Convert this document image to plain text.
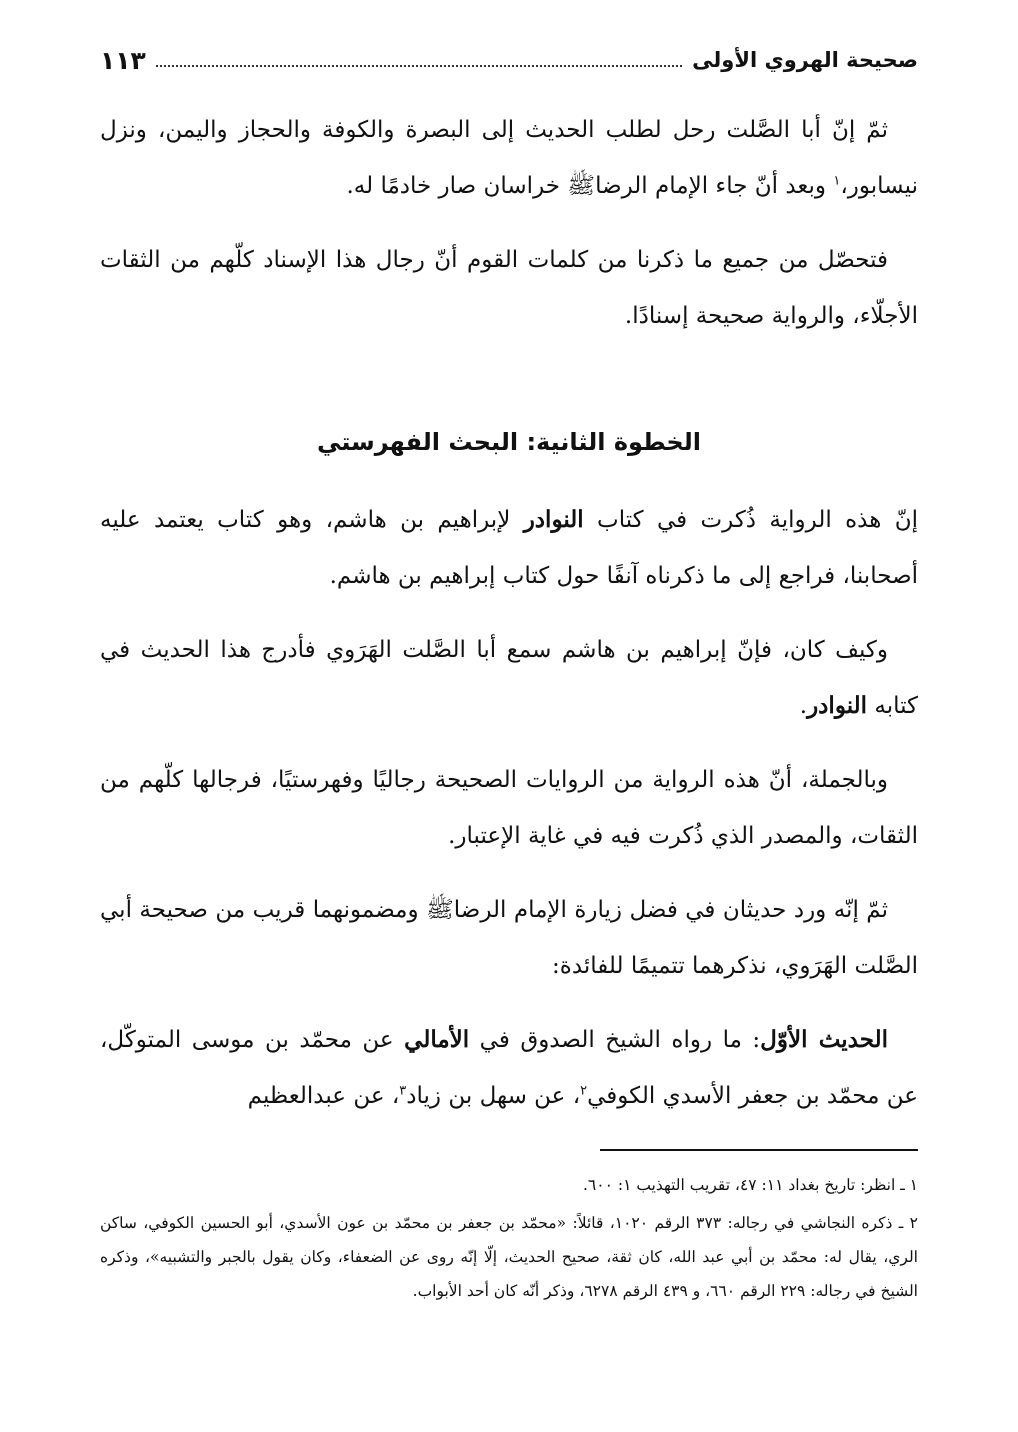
صحيحة الهروي الأولى
١١٣

ثمّ إنّ أبا الصَّلت رحل لطلب الحديث إلى البصرة والكوفة والحجاز واليمن، ونزل نيسابور،$^١$ وبعد أنّ جاء الإمام الرضاﷺ خراسان صار خادمًا له.

فتحصّل من جميع ما ذكرنا من كلمات القوم أنّ رجال هذا الإسناد كلّهم من الثقات الأجلّاء، والرواية صحيحة إسنادًا.

الخطوة الثانية: البحث الفهرستي

إنّ هذه الرواية ذُكرت في كتاب النوادر لإبراهيم بن هاشم، وهو كتاب يعتمد عليه أصحابنا، فراجع إلى ما ذكرناه آنفًا حول كتاب إبراهيم بن هاشم.

وكيف كان، فإنّ إبراهيم بن هاشم سمع أبا الصَّلت الهَرَوي فأدرج هذا الحديث في كتابه النوادر.

وبالجملة، أنّ هذه الرواية من الروايات الصحيحة رجاليًا وفهرستيًا، فرجالها كلّهم من الثقات، والمصدر الذي ذُكرت فيه في غاية الإعتبار.

ثمّ إنّه ورد حديثان في فضل زيارة الإمام الرضاﷺ ومضمونهما قريب من صحيحة أبي الصَّلت الهَرَوي، نذكرهما تتميمًا للفائدة:

الحديث الأوّل: ما رواه الشيخ الصدوق في الأمالي عن محمّد بن موسى المتوكّل، عن محمّد بن جعفر الأسدي الكوفي$^٢$، عن سهل بن زياد$^٣$، عن عبدالعظيم

١ ـ انظر: تاريخ بغداد ١١: ٤٧، تقريب التهذيب ١: ٦٠٠.

٢ ـ ذكره النجاشي في رجاله: ٣٧٣ الرقم ١٠٢٠، قائلاً: «محمّد بن جعفر بن محمّد بن عون الأسدي، أبو الحسين الكوفي، ساكن الري، يقال له: محمّد بن أبي عبد الله، كان ثقة، صحيح الحديث، إلّا إنّه روى عن الضعفاء، وكان يقول بالجبر والتشبيه»، وذكره الشيخ في رجاله: ٢٢٩ الرقم ٦٦٠، و ٤٣٩ الرقم ٦٢٧٨، وذكر أنّه كان أحد الأبواب.
